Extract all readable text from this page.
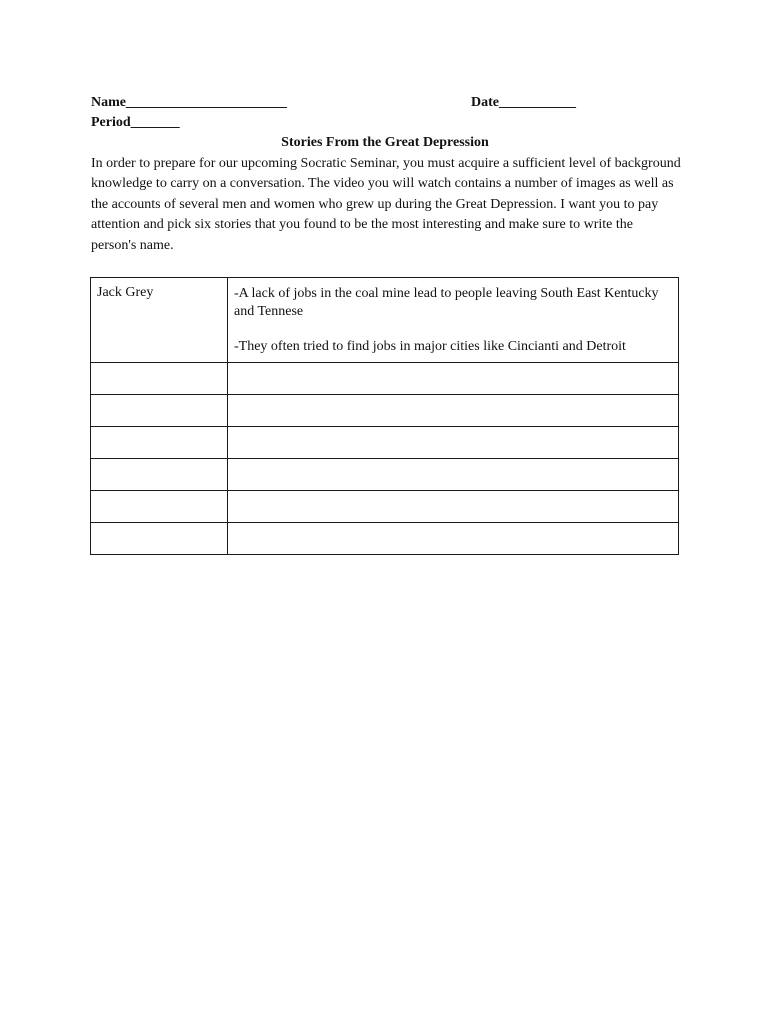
Name_______________________	Date___________
Period_______
Stories From the Great Depression

In order to prepare for our upcoming Socratic Seminar, you must acquire a sufficient level of background knowledge to carry on a conversation. The video you will watch contains a number of images as well as the accounts of several men and women who grew up during the Great Depression. I want you to pay attention and pick six stories that you found to be the most interesting and make sure to write the person's name.

Jack Grey	-A lack of jobs in the coal mine lead to people leaving South East Kentucky and Tennese

-They often tried to find jobs in major cities like Cincianti and Detroit
